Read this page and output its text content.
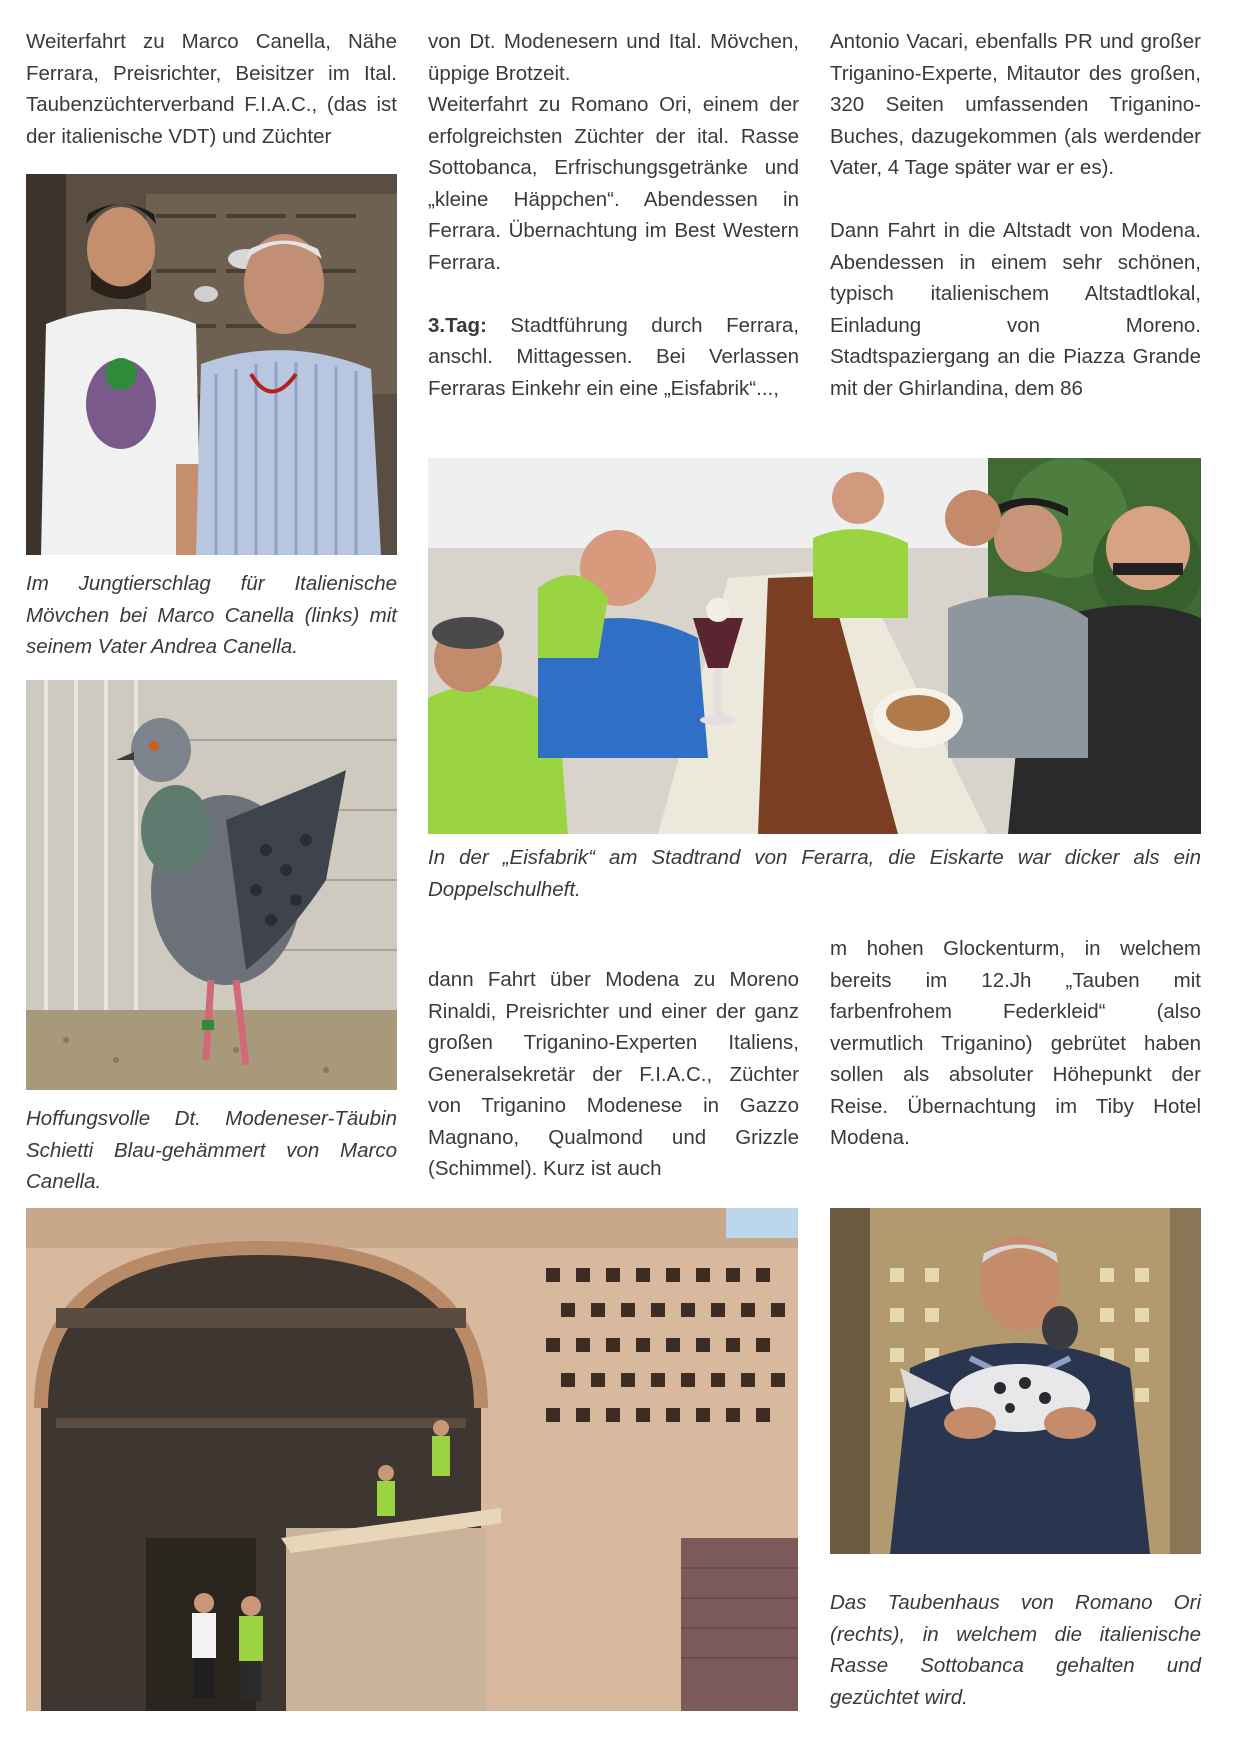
Weiterfahrt zu Marco Canella, Nähe Ferrara, Preisrichter, Beisitzer im Ital. Taubenzüchterverband F.I.A.C., (das ist der italienische VDT) und Züchter

Im Jungtierschlag für Italienische Mövchen bei Marco Canella (links) mit seinem Vater Andrea Canella.
Hoffungsvolle Dt. Modeneser-Täubin Schietti Blau-gehämmert von Marco Canella.

von Dt. Modenesern und Ital. Mövchen, üppige Brotzeit.

Weiterfahrt zu Romano Ori, einem der erfolgreichsten Züchter der ital. Rasse Sottobanca, Erfrischungsgetränke und „kleine Häppchen“. Abendessen in Ferrara. Übernachtung im Best Western Ferrara.

3.Tag: Stadtführung durch Ferrara, anschl. Mittagessen. Bei Verlassen Ferraras Einkehr ein eine „Eisfabrik“...,

Antonio Vacari, ebenfalls PR und großer Triganino-Experte, Mitautor des großen, 320 Seiten umfassenden Triganino-Buches, dazugekommen (als werdender Vater, 4 Tage später war er es).

Dann Fahrt in die Altstadt von Modena. Abendessen in einem sehr schönen, typisch italienischem Altstadtlokal, Einladung von Moreno. Stadtspaziergang an die Piazza Grande mit der Ghirlandina, dem 86

In der „Eisfabrik“ am Stadtrand von Ferarra, die Eiskarte war dicker als ein Doppelschulheft.

dann Fahrt über Modena zu Moreno Rinaldi, Preisrichter und einer der ganz großen Triganino-Experten Italiens, Generalsekretär der F.I.A.C., Züchter von Triganino Modenese in Gazzo Magnano, Qualmond und Grizzle (Schimmel). Kurz ist auch

m hohen Glockenturm, in welchem bereits im 12.Jh „Tauben mit farbenfrohem Federkleid“ (also vermutlich Triganino) gebrütet haben sollen als absoluter Höhepunkt der Reise. Übernachtung im Tiby Hotel Modena.

Das Taubenhaus von Romano Ori (rechts), in welchem die italienische Rasse Sottobanca gehalten und gezüchtet wird.
